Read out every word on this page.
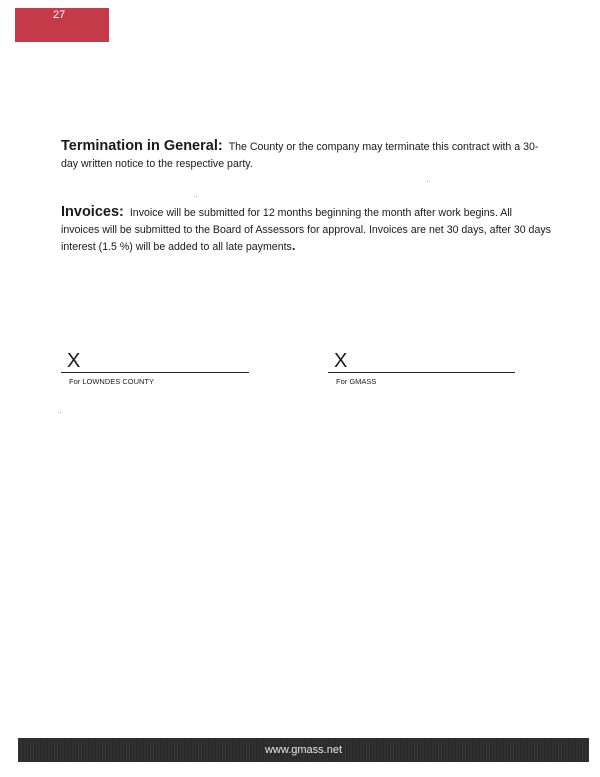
27
Termination in General: The County or the company may terminate this contract with a 30-day written notice to the respective party.
Invoices: Invoice will be submitted for 12 months beginning the month after work begins. All invoices will be submitted to the Board of Assessors for approval. Invoices are net 30 days, after 30 days interest (1.5 %) will be added to all late payments.
X
For LOWNDES COUNTY
X
For GMASS
www.gmass.net
